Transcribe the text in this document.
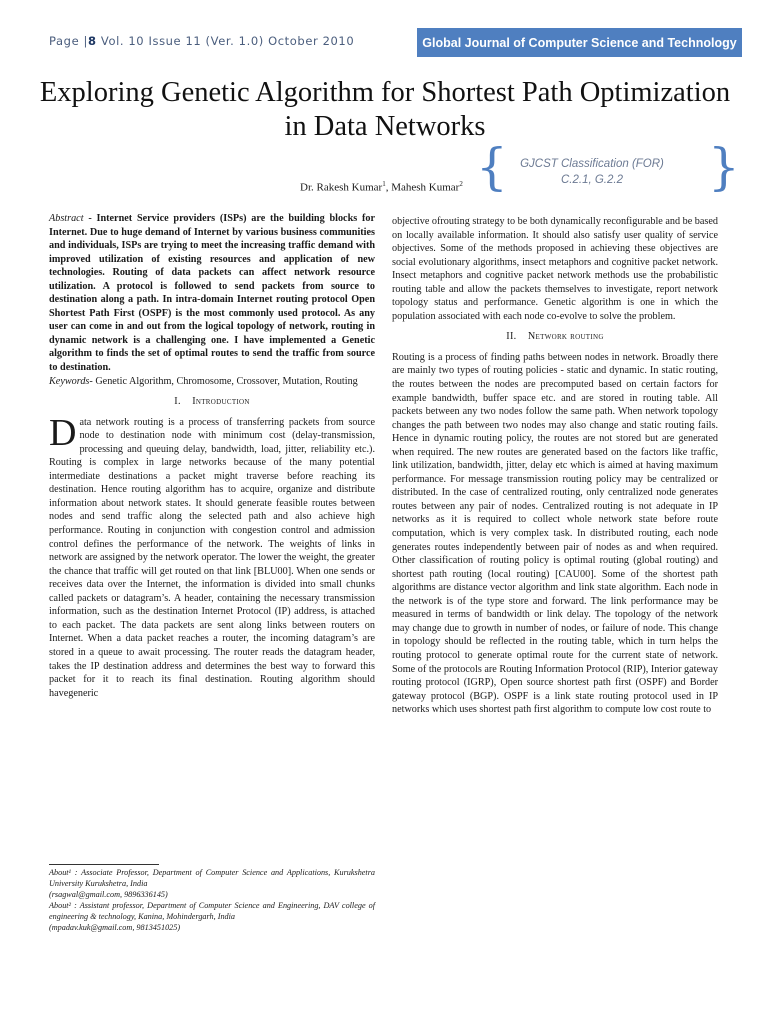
Page |8 Vol. 10 Issue 11 (Ver. 1.0) October 2010	Global Journal of Computer Science and Technology
Exploring Genetic Algorithm for Shortest Path Optimization in Data Networks
{	GJCST Classification (FOR)
C.2.1, G.2.2	}
Dr. Rakesh Kumar$^1$, Mahesh Kumar$^2$

Abstract - Internet Service providers (ISPs) are the building blocks for Internet. Due to huge demand of Internet by various business communities and individuals, ISPs are trying to meet the increasing traffic demand with improved utilization of existing resources and application of new technologies. Routing of data packets can affect network resource utilization. A protocol is followed to send packets from source to destination along a path. In intra-domain Internet routing protocol Open Shortest Path First (OSPF) is the most commonly used protocol. As any user can come in and out from the logical topology of network, routing in dynamic network is a challenging one. I have implemented a Genetic algorithm to finds the set of optimal routes to send the traffic from source to destination.

Keywords- Genetic Algorithm, Chromosome, Crossover, Mutation, Routing

I. Introduction

Data network routing is a process of transferring packets from source node to destination node with minimum cost (delay-transmission, processing and queuing delay, bandwidth, load, jitter, reliability etc.). Routing is complex in large networks because of the many potential intermediate destinations a packet might traverse before reaching its destination. Hence routing algorithm has to acquire, organize and distribute information about network states. It should generate feasible routes between nodes and send traffic along the selected path and also achieve high performance. Routing in conjunction with congestion control and admission control defines the performance of the network. The weights of links in network are assigned by the network operator. The lower the weight, the greater the chance that traffic will get routed on that link [BLU00]. When one sends or receives data over the Internet, the information is divided into small chunks called packets or datagram’s. A header, containing the necessary transmission information, such as the destination Internet Protocol (IP) address, is attached to each packet. The data packets are sent along links between routers on Internet. When a data packet reaches a router, the incoming datagram’s are stored in a queue to await processing. The router reads the datagram header, takes the IP destination address and determines the best way to forward this packet for it to reach its final destination. Routing algorithm should havegeneric

About¹ : Associate Professor, Department of Computer Science and Applications, Kurukshetra University Kurukshetra, India

(rsagwal@gmail.com, 9896336145)

About² : Assistant professor, Department of Computer Science and Engineering, DAV college of engineering & technology, Kanina, Mohindergarh, India

(mpadav.kuk@gmail.com, 9813451025)

objective ofrouting strategy to be both dynamically reconfigurable and be based on locally available information. It should also satisfy user quality of service objectives. Some of the methods proposed in achieving these objectives are social evolutionary algorithms, insect metaphors and cognitive packet network. Insect metaphors and cognitive packet network methods use the probabilistic routing table and allow the packets themselves to investigate, report network topology status and performance. Genetic algorithm is one in which the population associated with each node co-evolve to solve the problem.

II. Network routing

Routing is a process of finding paths between nodes in network. Broadly there are mainly two types of routing policies - static and dynamic. In static routing, the routes between the nodes are precomputed based on certain factors for example bandwidth, buffer space etc. and are stored in routing table. All packets between any two nodes follow the same path. When network topology changes the path between two nodes may also change and static routing fails. Hence in dynamic routing policy, the routes are not stored but are generated when required. The new routes are generated based on the factors like traffic, link utilization, bandwidth, jitter, delay etc which is aimed at having maximum performance. For message transmission routing policy may be centralized or distributed. In the case of centralized routing, only centralized node generates routes between any pair of nodes. Centralized routing is not adequate in IP networks as it is required to collect whole network state before route computation, which is very complex task. In distributed routing, each node generates routes independently between pair of nodes as and when required. Other classification of routing policy is optimal routing (global routing) and shortest path routing (local routing) [CAU00]. Some of the shortest path algorithms are distance vector algorithm and link state algorithm. Each node in the network is of the type store and forward. The link performance may be measured in terms of bandwidth or link delay. The topology of the network may change due to growth in number of nodes, or failure of node. This change in topology should be reflected in the routing table, which in turn helps the routing protocol to generate optimal route for the current state of network. Some of the protocols are Routing Information Protocol (RIP), Interior gateway routing protocol (IGRP), Open source shortest path first (OSPF) and Border gateway protocol (BGP). OSPF is a link state routing protocol used in IP networks which uses shortest path first algorithm to compute low cost route to
